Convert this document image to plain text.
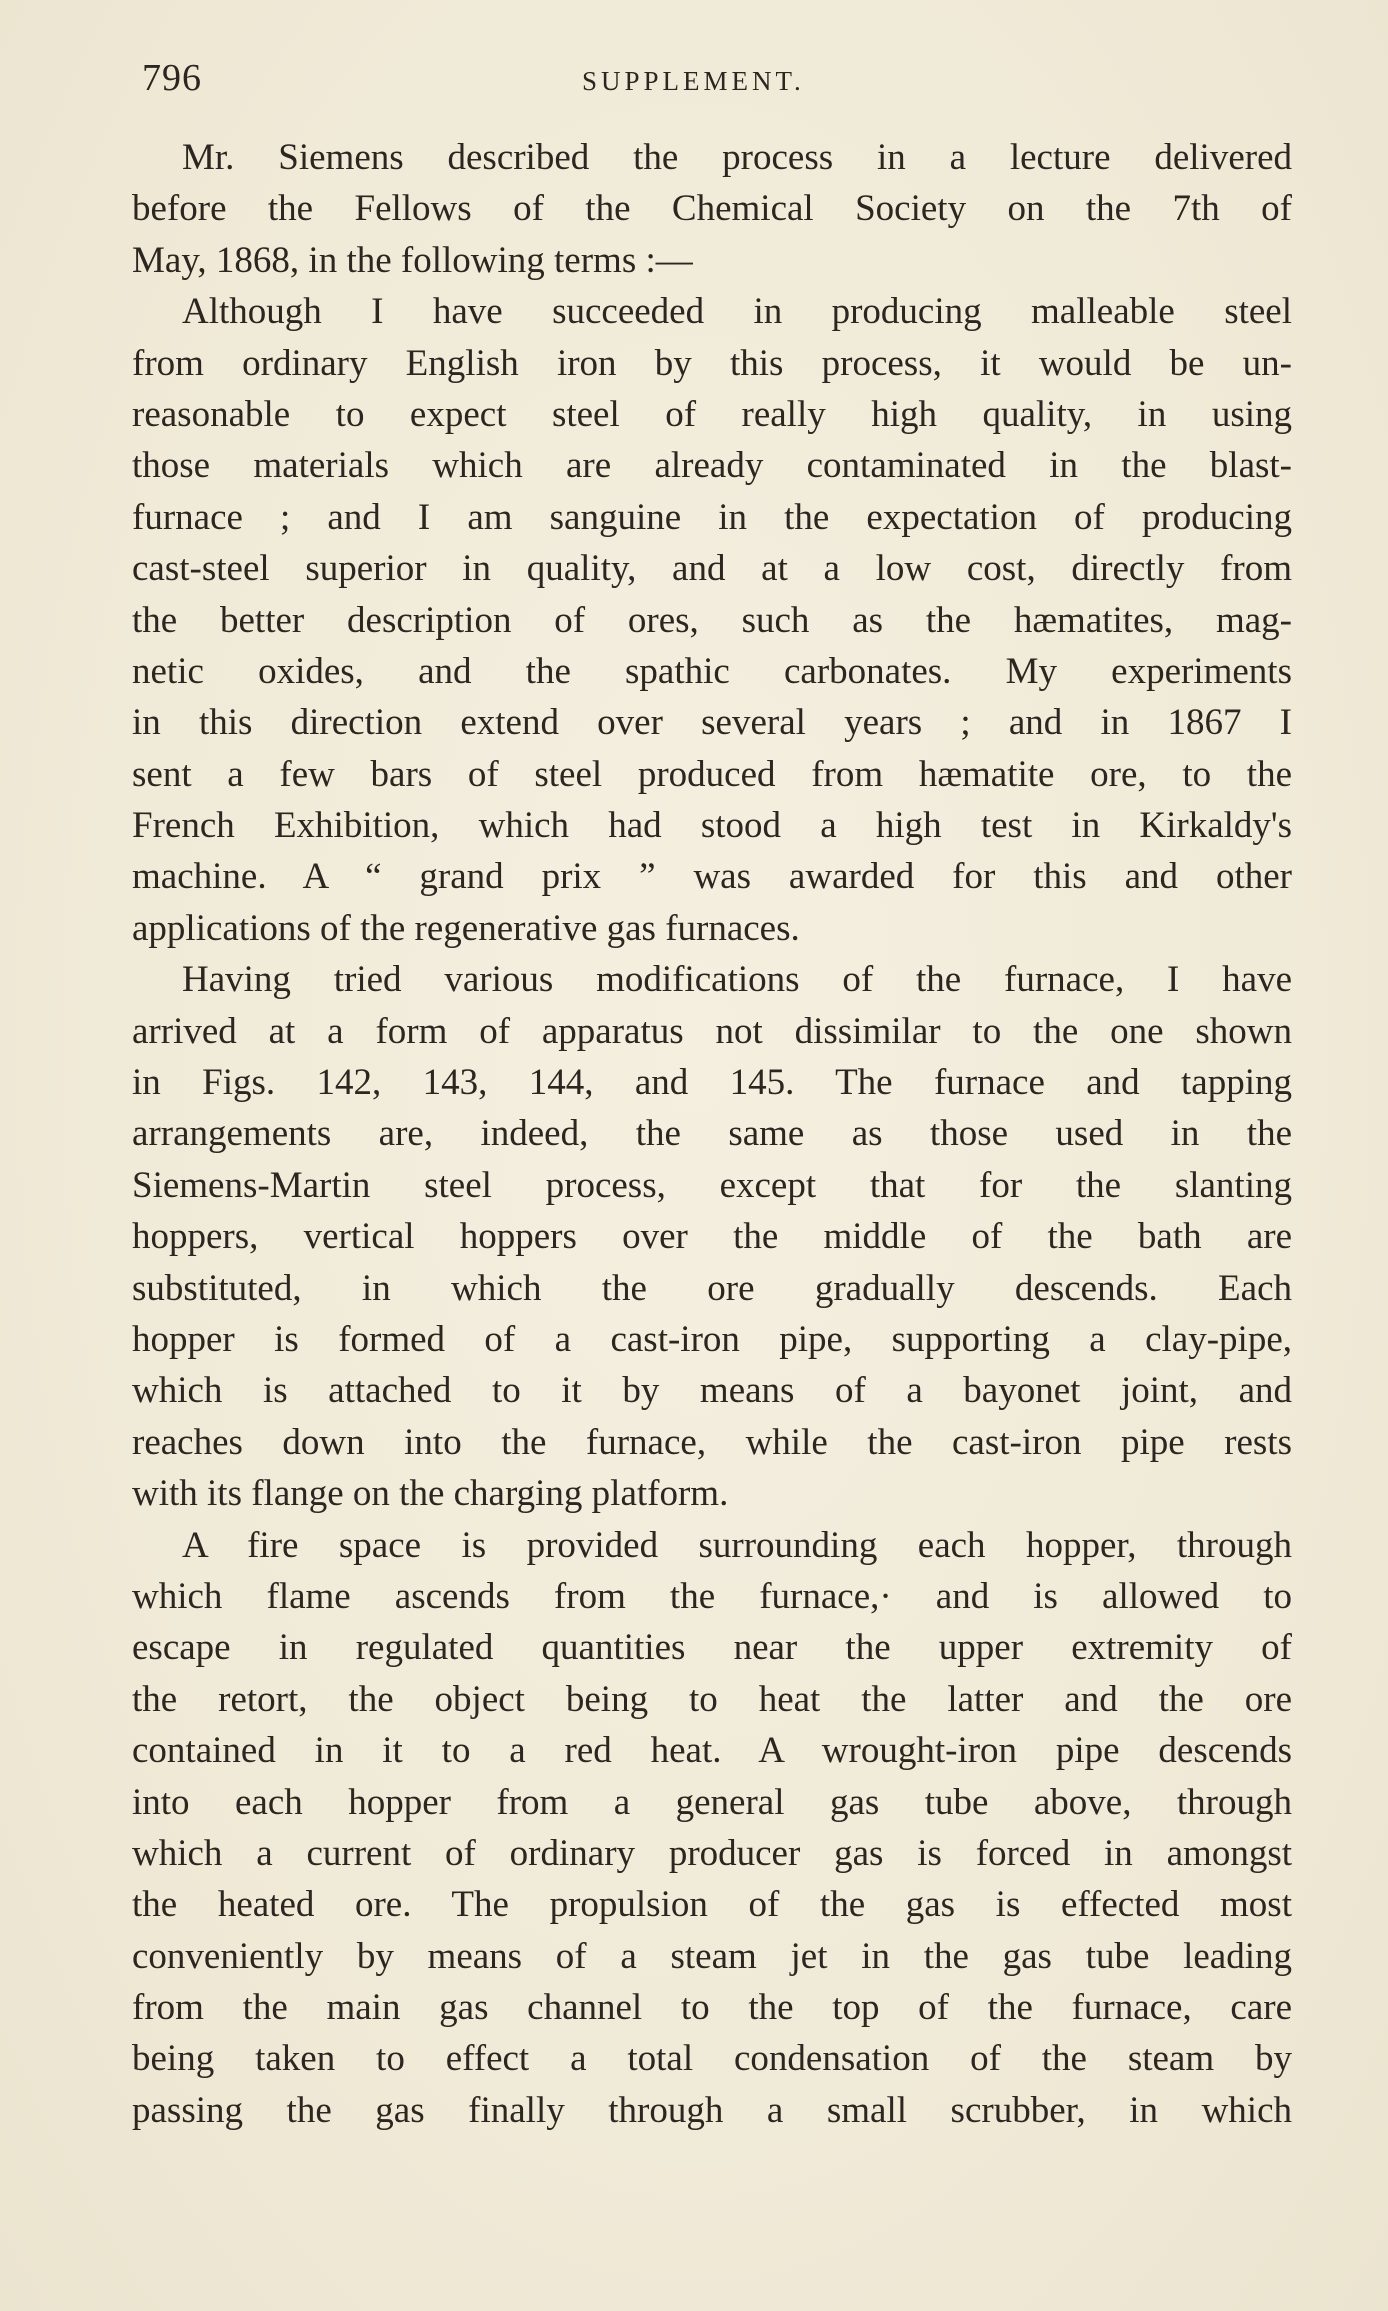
796	SUPPLEMENT.
Mr. Siemens described the process in a lecture delivered
before the Fellows of the Chemical Society on the 7th of
May, 1868, in the following terms :—
Although I have succeeded in producing malleable steel
from ordinary English iron by this process, it would be un-
reasonable to expect steel of really high quality, in using
those materials which are already contaminated in the blast-
furnace ; and I am sanguine in the expectation of producing
cast-steel superior in quality, and at a low cost, directly from
the better description of ores, such as the hæmatites, mag-
netic oxides, and the spathic carbonates. My experiments
in this direction extend over several years ; and in 1867 I
sent a few bars of steel produced from hæmatite ore, to the
French Exhibition, which had stood a high test in Kirkaldy's
machine. A “ grand prix ” was awarded for this and other
applications of the regenerative gas furnaces.
Having tried various modifications of the furnace, I have
arrived at a form of apparatus not dissimilar to the one shown
in Figs. 142, 143, 144, and 145. The furnace and tapping
arrangements are, indeed, the same as those used in the
Siemens-Martin steel process, except that for the slanting
hoppers, vertical hoppers over the middle of the bath are
substituted, in which the ore gradually descends. Each
hopper is formed of a cast-iron pipe, supporting a clay-pipe,
which is attached to it by means of a bayonet joint, and
reaches down into the furnace, while the cast-iron pipe rests
with its flange on the charging platform.
A fire space is provided surrounding each hopper, through
which flame ascends from the furnace,· and is allowed to
escape in regulated quantities near the upper extremity of
the retort, the object being to heat the latter and the ore
contained in it to a red heat. A wrought-iron pipe descends
into each hopper from a general gas tube above, through
which a current of ordinary producer gas is forced in amongst
the heated ore. The propulsion of the gas is effected most
conveniently by means of a steam jet in the gas tube leading
from the main gas channel to the top of the furnace, care
being taken to effect a total condensation of the steam by
passing the gas finally through a small scrubber, in which
